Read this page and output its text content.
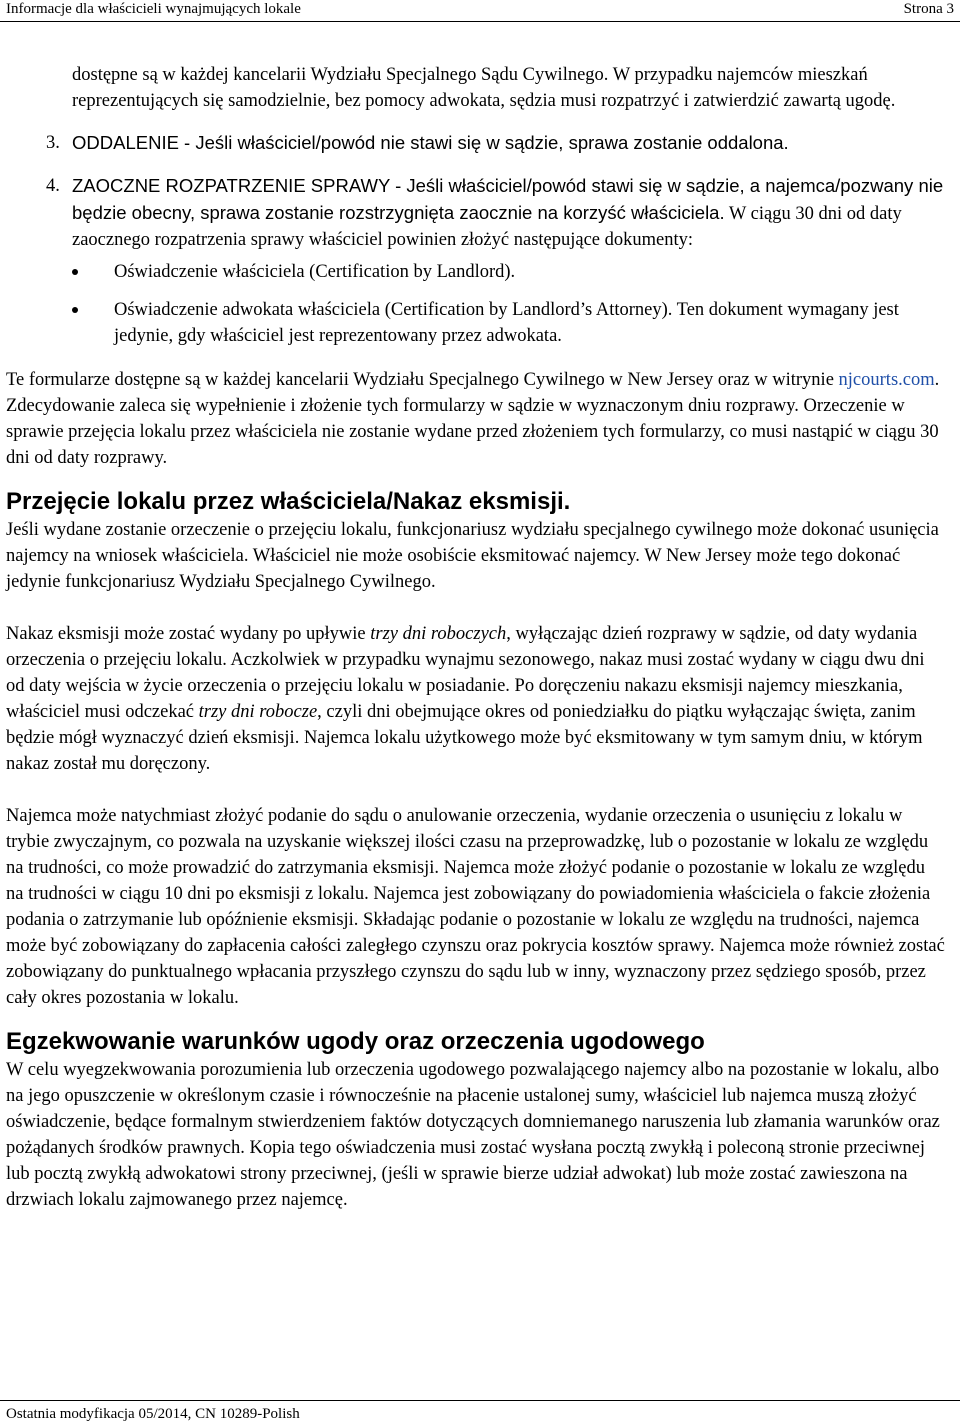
Informacje dla właścicieli wynajmujących lokale	Strona 3

dostępne są w każdej kancelarii Wydziału Specjalnego Sądu Cywilnego. W przypadku najemców mieszkań reprezentujących się samodzielnie, bez pomocy adwokata, sędzia musi rozpatrzyć i zatwierdzić zawartą ugodę.

3. ODDALENIE - Jeśli właściciel/powód nie stawi się w sądzie, sprawa zostanie oddalona.

4. ZAOCZNE ROZPATRZENIE SPRAWY - Jeśli właściciel/powód stawi się w sądzie, a najemca/pozwany nie będzie obecny, sprawa zostanie rozstrzygnięta zaocznie na korzyść właściciela. W ciągu 30 dni od daty zaocznego rozpatrzenia sprawy właściciel powinien złożyć następujące dokumenty:

Oświadczenie właściciela (Certification by Landlord).
Oświadczenie adwokata właściciela (Certification by Landlord’s Attorney). Ten dokument wymagany jest jedynie, gdy właściciel jest reprezentowany przez adwokata.

Te formularze dostępne są w każdej kancelarii Wydziału Specjalnego Cywilnego w New Jersey oraz w witrynie njcourts.com. Zdecydowanie zaleca się wypełnienie i złożenie tych formularzy w sądzie w wyznaczonym dniu rozprawy. Orzeczenie w sprawie przejęcia lokalu przez właściciela nie zostanie wydane przed złożeniem tych formularzy, co musi nastąpić w ciągu 30 dni od daty rozprawy.

Przejęcie lokalu przez właściciela/Nakaz eksmisji.

Jeśli wydane zostanie orzeczenie o przejęciu lokalu, funkcjonariusz wydziału specjalnego cywilnego może dokonać usunięcia najemcy na wniosek właściciela. Właściciel nie może osobiście eksmitować najemcy. W New Jersey może tego dokonać jedynie funkcjonariusz Wydziału Specjalnego Cywilnego.

Nakaz eksmisji może zostać wydany po upływie trzy dni roboczych, wyłączając dzień rozprawy w sądzie, od daty wydania orzeczenia o przejęciu lokalu. Aczkolwiek w przypadku wynajmu sezonowego, nakaz musi zostać wydany w ciągu dwu dni od daty wejścia w życie orzeczenia o przejęciu lokalu w posiadanie. Po doręczeniu nakazu eksmisji najemcy mieszkania, właściciel musi odczekać trzy dni robocze, czyli dni obejmujące okres od poniedziałku do piątku wyłączając święta, zanim będzie mógł wyznaczyć dzień eksmisji. Najemca lokalu użytkowego może być eksmitowany w tym samym dniu, w którym nakaz został mu doręczony.

Najemca może natychmiast złożyć podanie do sądu o anulowanie orzeczenia, wydanie orzeczenia o usunięciu z lokalu w trybie zwyczajnym, co pozwala na uzyskanie większej ilości czasu na przeprowadzkę, lub o pozostanie w lokalu ze względu na trudności, co może prowadzić do zatrzymania eksmisji. Najemca może złożyć podanie o pozostanie w lokalu ze względu na trudności w ciągu 10 dni po eksmisji z lokalu. Najemca jest zobowiązany do powiadomienia właściciela o fakcie złożenia podania o zatrzymanie lub opóźnienie eksmisji. Składając podanie o pozostanie w lokalu ze względu na trudności, najemca może być zobowiązany do zapłacenia całości zaległego czynszu oraz pokrycia kosztów sprawy. Najemca może również zostać zobowiązany do punktualnego wpłacania przyszłego czynszu do sądu lub w inny, wyznaczony przez sędziego sposób, przez cały okres pozostania w lokalu.

Egzekwowanie warunków ugody oraz orzeczenia ugodowego

W celu wyegzekwowania porozumienia lub orzeczenia ugodowego pozwalającego najemcy albo na pozostanie w lokalu, albo na jego opuszczenie w określonym czasie i równocześnie na płacenie ustalonej sumy, właściciel lub najemca muszą złożyć oświadczenie, będące formalnym stwierdzeniem faktów dotyczących domniemanego naruszenia lub złamania warunków oraz pożądanych środków prawnych. Kopia tego oświadczenia musi zostać wysłana pocztą zwykłą i poleconą stronie przeciwnej lub pocztą zwykłą adwokatowi strony przeciwnej, (jeśli w sprawie bierze udział adwokat) lub może zostać zawieszona na drzwiach lokalu zajmowanego przez najemcę.

Ostatnia modyfikacja 05/2014, CN 10289-Polish
